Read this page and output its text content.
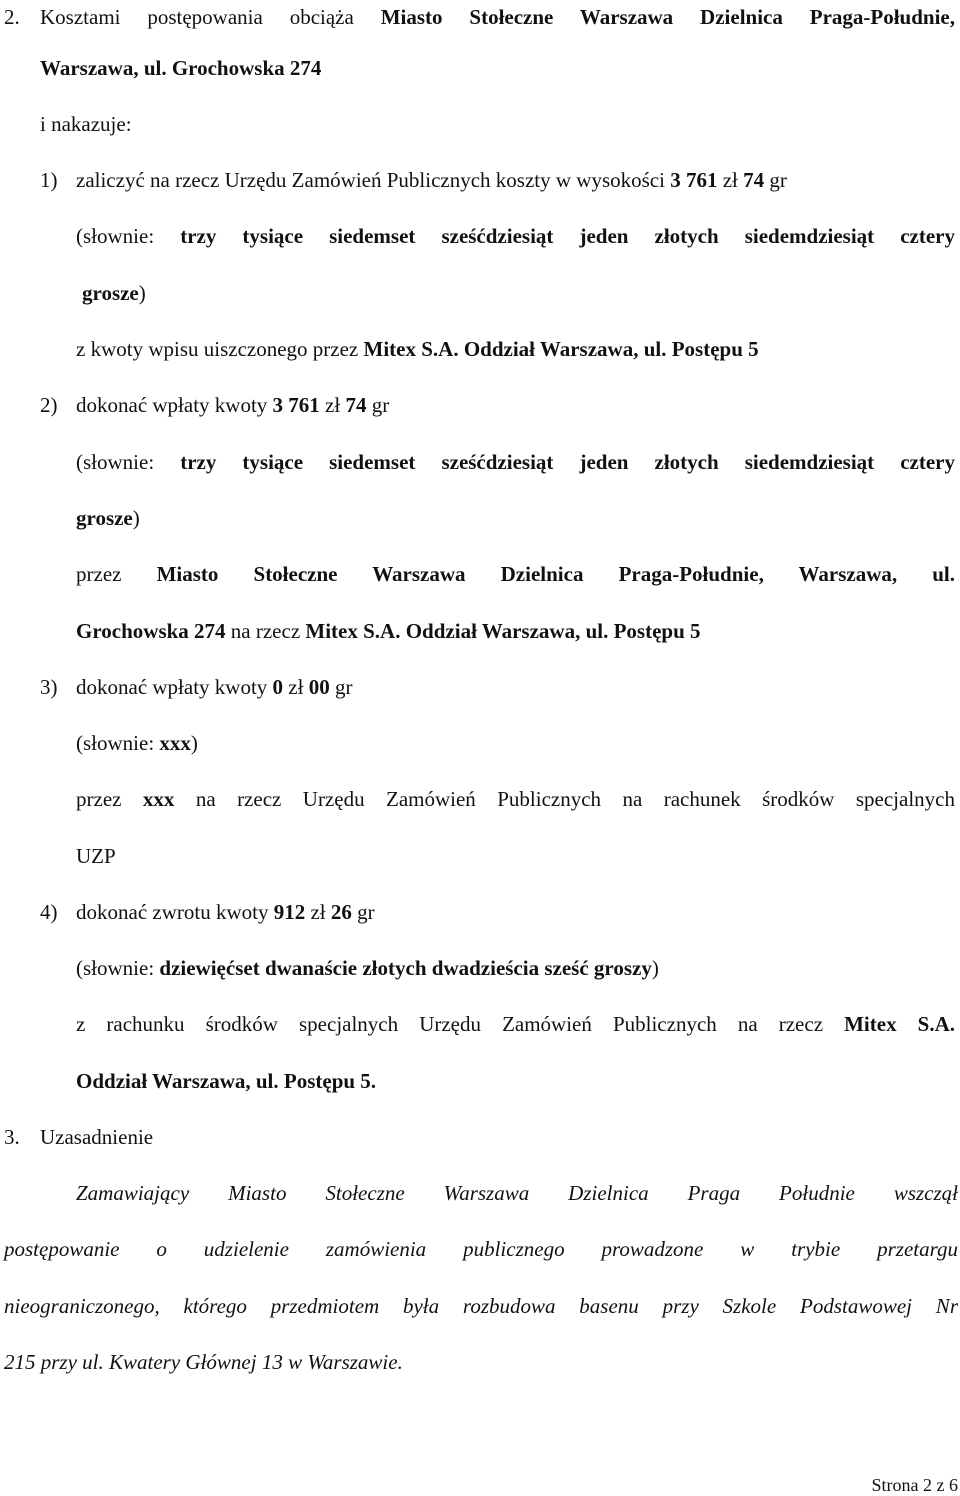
2. Kosztami postępowania obciąża Miasto Stołeczne Warszawa Dzielnica Praga-Południe,
Warszawa, ul. Grochowska 274
i nakazuje:
1) zaliczyć na rzecz Urzędu Zamówień Publicznych koszty w wysokości 3 761 zł 74 gr
(słownie: trzy tysiące siedemset sześćdziesiąt jeden złotych siedemdziesiąt cztery
grosze)
z kwoty wpisu uiszczonego przez Mitex S.A. Oddział Warszawa, ul. Postępu 5
2) dokonać wpłaty kwoty 3 761 zł 74 gr
(słownie: trzy tysiące siedemset sześćdziesiąt jeden złotych siedemdziesiąt cztery
grosze)
przez Miasto Stołeczne Warszawa Dzielnica Praga-Południe, Warszawa, ul.
Grochowska 274 na rzecz Mitex S.A. Oddział Warszawa, ul. Postępu 5
3) dokonać wpłaty kwoty 0 zł 00 gr
(słownie: xxx)
przez xxx na rzecz Urzędu Zamówień Publicznych na rachunek środków specjalnych
UZP
4) dokonać zwrotu kwoty 912 zł 26 gr
(słownie: dziewięćset dwanaście złotych dwadzieścia sześć groszy)
z rachunku środków specjalnych Urzędu Zamówień Publicznych na rzecz Mitex S.A.
Oddział Warszawa, ul. Postępu 5.
3. Uzasadnienie
Zamawiający Miasto Stołeczne Warszawa Dzielnica Praga Południe wszczął
postępowanie o udzielenie zamówienia publicznego prowadzone w trybie przetargu
nieograniczonego, którego przedmiotem była rozbudowa basenu przy Szkole Podstawowej Nr
215 przy ul. Kwatery Głównej 13 w Warszawie.
Strona 2 z 6
